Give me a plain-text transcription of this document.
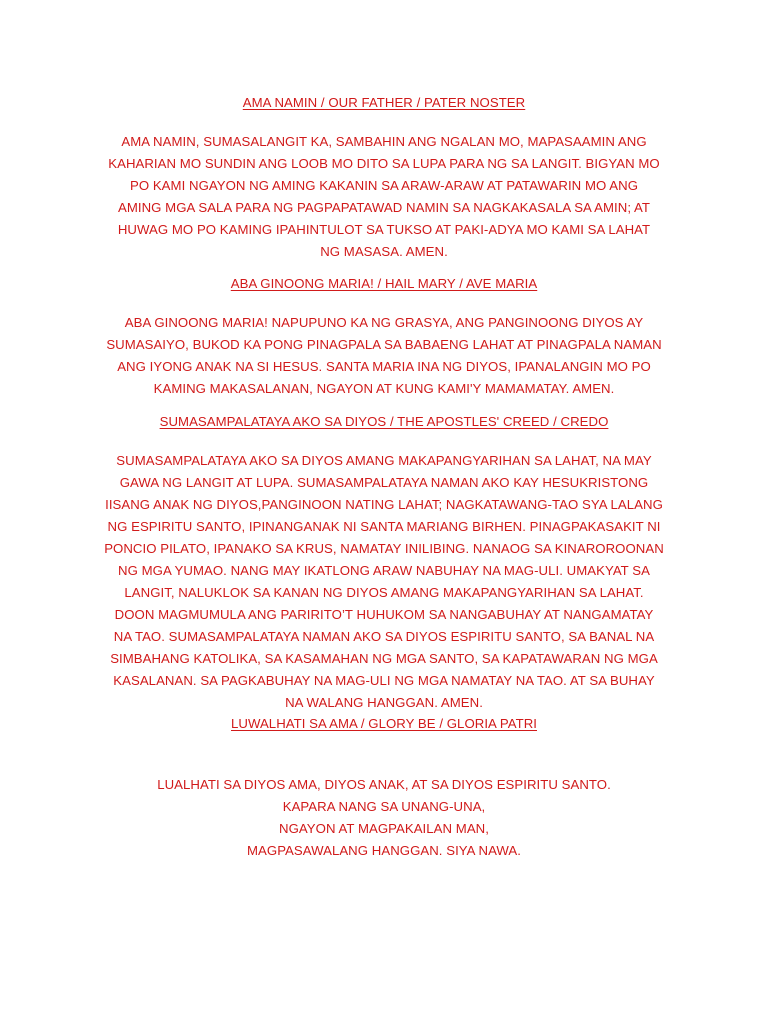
AMA NAMIN / OUR FATHER / PATER NOSTER
AMA NAMIN, SUMASALANGIT KA, SAMBAHIN ANG NGALAN MO, MAPASAAMIN ANG
KAHARIAN MO SUNDIN ANG LOOB MO DITO SA LUPA PARA NG SA LANGIT. BIGYAN MO
PO KAMI NGAYON NG AMING KAKANIN SA ARAW-ARAW AT PATAWARIN MO ANG
AMING MGA SALA PARA NG PAGPAPATAWAD NAMIN SA NAGKAKASALA SA AMIN; AT
HUWAG MO PO KAMING IPAHINTULOT SA TUKSO AT PAKI-ADYA MO KAMI SA LAHAT
NG MASASA. AMEN.
ABA GINOONG MARIA! / HAIL MARY / AVE MARIA
ABA GINOONG MARIA! NAPUPUNO KA NG GRASYA, ANG PANGINOONG DIYOS AY
SUMASAIYO, BUKOD KA PONG PINAGPALA SA BABAENG LAHAT AT PINAGPALA NAMAN
ANG IYONG ANAK NA SI HESUS. SANTA MARIA INA NG DIYOS, IPANALANGIN MO PO
KAMING MAKASALANAN, NGAYON AT KUNG KAMI'Y MAMAMATAY. AMEN.
SUMASAMPALATAYA AKO SA DIYOS / THE APOSTLES' CREED / CREDO
SUMASAMPALATAYA AKO SA DIYOS AMANG MAKAPANGYARIHAN SA LAHAT, NA MAY
GAWA NG LANGIT AT LUPA. SUMASAMPALATAYA NAMAN AKO KAY HESUKRISTONG
IISANG ANAK NG DIYOS,PANGINOON NATING LAHAT; NAGKATAWANG-TAO SYA LALANG
NG ESPIRITU SANTO, IPINANGANAK NI SANTA MARIANG BIRHEN. PINAGPAKASAKIT NI
PONCIO PILATO, IPANAKO SA KRUS, NAMATAY INILIBING. NANAOG SA KINAROROONAN
NG MGA YUMAO. NANG MAY IKATLONG ARAW NABUHAY NA MAG-ULI. UMAKYAT SA
LANGIT, NALUKLOK SA KANAN NG DIYOS AMANG MAKAPANGYARIHAN SA LAHAT.
DOON MAGMUMULA ANG PARIRITO’T HUHUKOM SA NANGABUHAY AT NANGAMATAY
NA TAO. SUMASAMPALATAYA NAMAN AKO SA DIYOS ESPIRITU SANTO, SA BANAL NA
SIMBAHANG KATOLIKA, SA KASAMAHAN NG MGA SANTO, SA KAPATAWARAN NG MGA
KASALANAN. SA PAGKABUHAY NA MAG-ULI NG MGA NAMATAY NA TAO. AT SA BUHAY
NA WALANG HANGGAN. AMEN.
LUWALHATI SA AMA / GLORY BE / GLORIA PATRI
LUALHATI SA DIYOS AMA, DIYOS ANAK, AT SA DIYOS ESPIRITU SANTO.
KAPARA NANG SA UNANG-UNA,
NGAYON AT MAGPAKAILAN MAN,
MAGPASAWALANG HANGGAN. SIYA NAWA.
